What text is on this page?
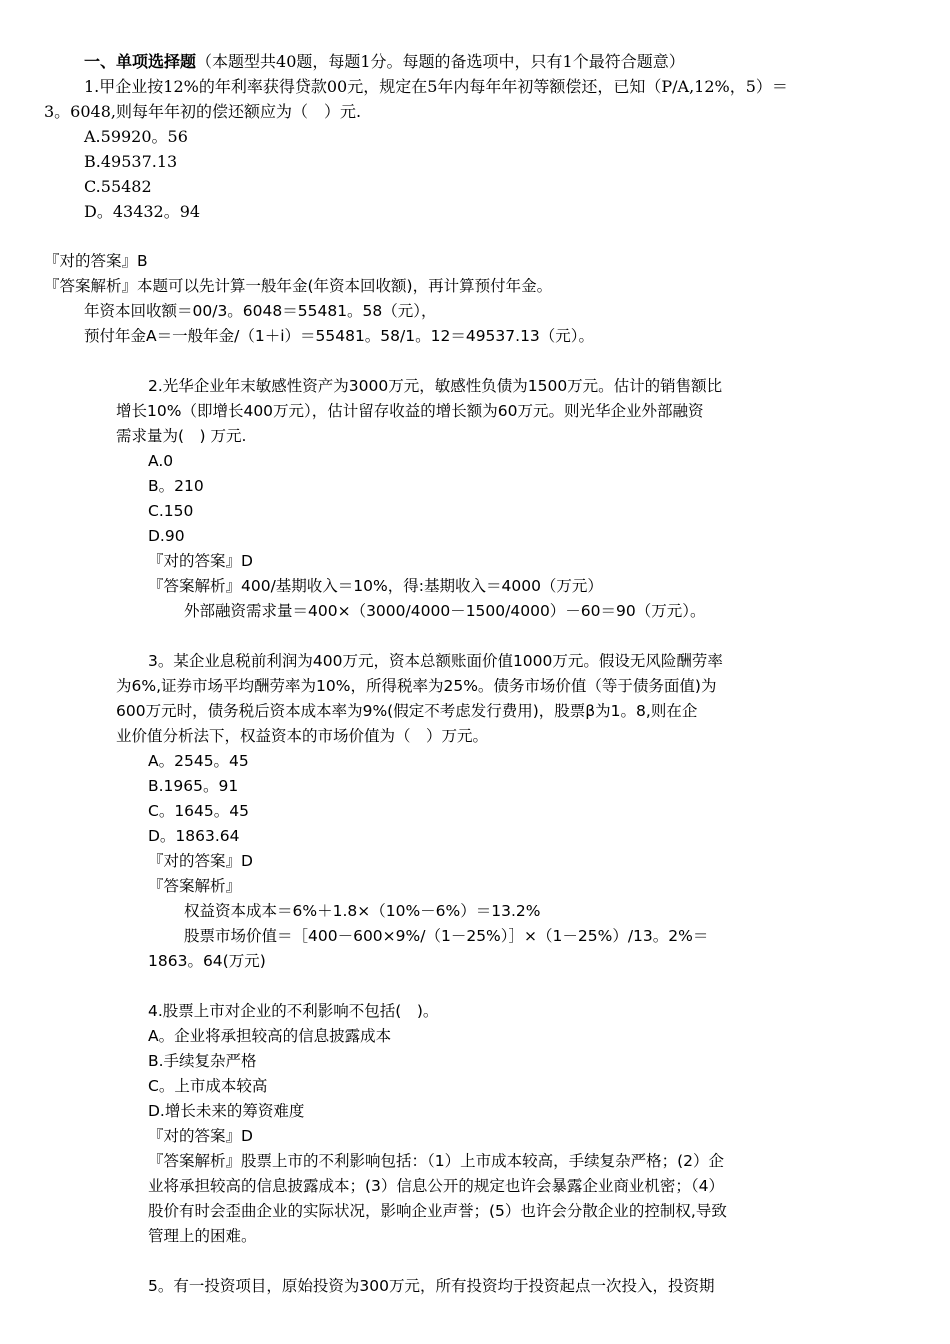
一、单项选择题（本题型共40题，每题1分。每题的备选项中，只有1个最符合题意）
1.甲企业按12%的年利率获得贷款00元，规定在5年内每年年初等额偿还，已知（P/A,12%，5）＝
3。6048,则每年年初的偿还额应为（　）元.
A.59920。56
B.49537.13
C.55482
D。43432。94
『对的答案』B
『答案解析』本题可以先计算一般年金(年资本回收额)，再计算预付年金。
年资本回收额＝00/3。6048＝55481。58（元），
预付年金A＝一般年金/（1＋i）＝55481。58/1。12＝49537.13（元）。
2.光华企业年末敏感性资产为3000万元，敏感性负债为1500万元。估计的销售额比
增长10%（即增长400万元），估计留存收益的增长额为60万元。则光华企业外部融资
需求量为(　) 万元.
A.0
B。210
C.150
D.90
『对的答案』D
『答案解析』400/基期收入＝10%，得:基期收入＝4000（万元）
外部融资需求量＝400×（3000/4000－1500/4000）－60＝90（万元）。
3。某企业息税前利润为400万元，资本总额账面价值1000万元。假设无风险酬劳率
为6%,证券市场平均酬劳率为10%，所得税率为25%。债务市场价值（等于债务面值)为
600万元时，债务税后资本成本率为9%(假定不考虑发行费用)，股票β为1。8,则在企
业价值分析法下，权益资本的市场价值为（　）万元。
A。2545。45
B.1965。91
C。1645。45
D。1863.64
『对的答案』D
『答案解析』
权益资本成本＝6%＋1.8×（10%－6%）＝13.2%
股票市场价值＝［400－600×9%/（1－25%）］×（1－25%）/13。2%＝
1863。64(万元)
4.股票上市对企业的不利影响不包括(　)。
A。企业将承担较高的信息披露成本
B.手续复杂严格
C。上市成本较高
D.增长未来的筹资难度
『对的答案』D
『答案解析』股票上市的不利影响包括：（1）上市成本较高，手续复杂严格；(2）企
业将承担较高的信息披露成本；(3）信息公开的规定也许会暴露企业商业机密；（4）
股价有时会歪曲企业的实际状况，影响企业声誉；(5）也许会分散企业的控制权,导致
管理上的困难。
5。有一投资项目，原始投资为300万元，所有投资均于投资起点一次投入，投资期
